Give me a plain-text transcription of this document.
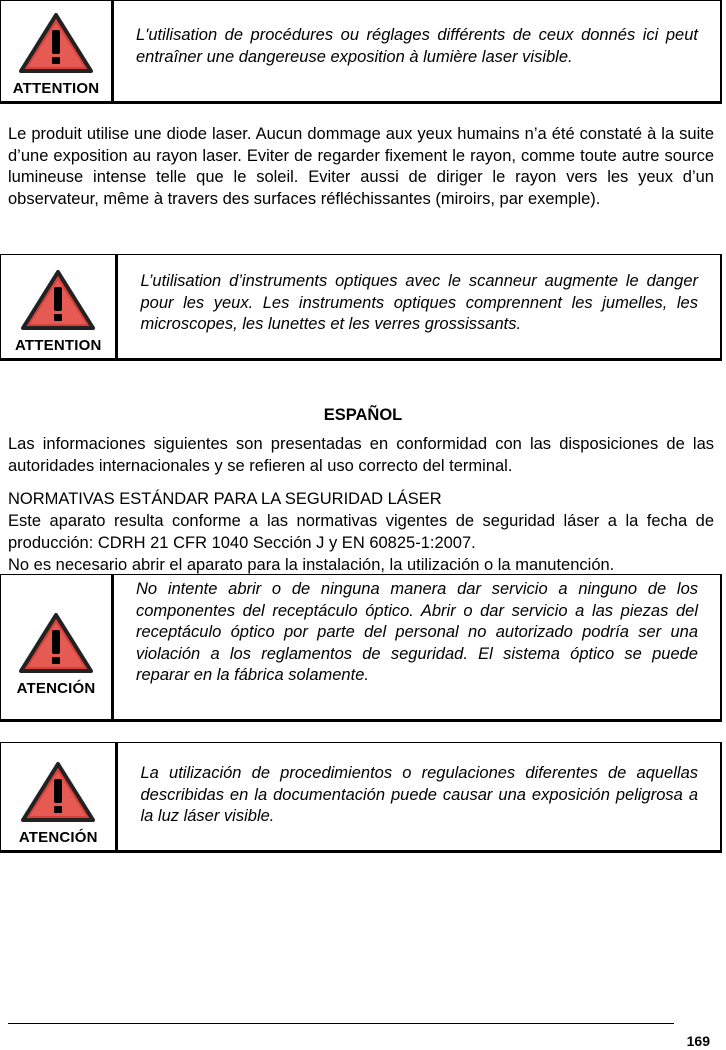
ATTENTION
L'utilisation de procédures ou réglages différents de ceux donnés ici peut entraîner une dangereuse exposition à lumière laser visible.
Le produit utilise une diode laser. Aucun dommage aux yeux humains n’a été constaté à la suite d’une exposition au rayon laser. Eviter de regarder fixement le rayon, comme toute autre source lumineuse intense telle que le soleil. Eviter aussi de diriger le rayon vers les yeux d’un observateur, même à travers des surfaces réfléchissantes (miroirs, par exemple).
ATTENTION
L’utilisation d’instruments optiques avec le scanneur augmente le danger pour les yeux. Les instruments optiques comprennent les jumelles, les microscopes, les lunettes et les verres grossissants.
ESPAÑOL
Las informaciones siguientes son presentadas en conformidad con las disposiciones de las autoridades internacionales y se refieren al uso correcto del terminal.
NORMATIVAS ESTÁNDAR PARA LA SEGURIDAD LÁSER
Este aparato resulta conforme a las normativas vigentes de seguridad láser a la fecha de producción: CDRH 21 CFR 1040 Sección J y EN 60825-1:2007.
No es necesario abrir el aparato para la instalación, la utilización o la manutención.
ATENCIÓN
No intente abrir o de ninguna manera dar servicio a ninguno de los componentes del receptáculo óptico. Abrir o dar servicio a las piezas del receptáculo óptico por parte del personal no autorizado podría ser una violación a los reglamentos de seguridad. El sistema óptico se puede reparar en la fábrica solamente.
ATENCIÓN
La utilización de procedimientos o regulaciones diferentes de aquellas describidas en la documentación puede causar una exposición peligrosa a la luz láser visible.
169
